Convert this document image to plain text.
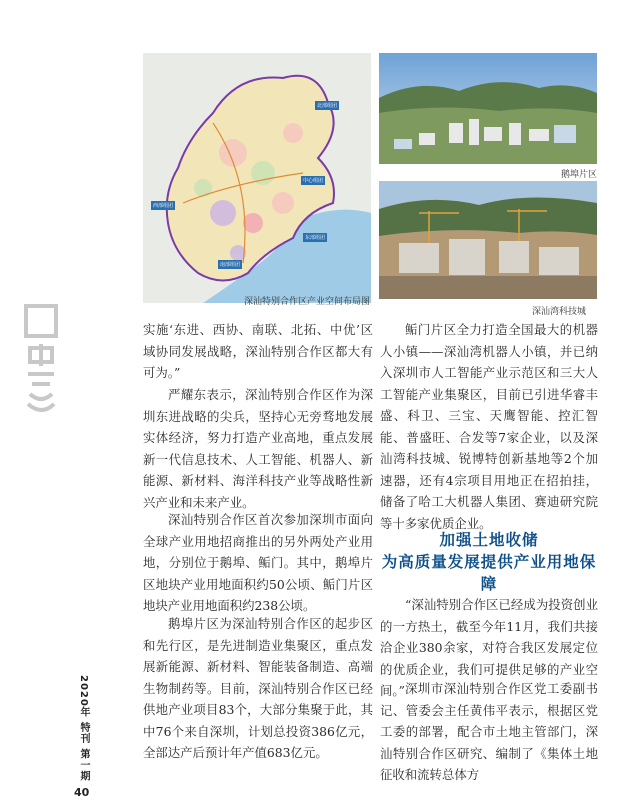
北部组团
中心组团
西部组团
东部组团
南部组团
深汕特别合作区产业空间布局图
鹅埠片区
深汕湾科技城
实施‘东进、西协、南联、北拓、中优’区域协同发展战略，深汕特别合作区都大有可为。”
严耀东表示，深汕特别合作区作为深圳东进战略的尖兵，坚持心无旁骛地发展实体经济，努力打造产业高地，重点发展新一代信息技术、人工智能、机器人、新能源、新材料、海洋科技产业等战略性新兴产业和未来产业。
深汕特别合作区首次参加深圳市面向全球产业用地招商推出的另外两处产业用地，分别位于鹅埠、鲘门。其中，鹅埠片区地块产业用地面积约50公顷、鲘门片区地块产业用地面积约238公顷。
鹅埠片区为深汕特别合作区的起步区和先行区，是先进制造业集聚区，重点发展新能源、新材料、智能装备制造、高端生物制药等。目前，深汕特别合作区已经供地产业项目83个，大部分集聚于此，其中76个来自深圳，计划总投资386亿元，全部达产后预计年产值683亿元。
鲘门片区全力打造全国最大的机器人小镇——深汕湾机器人小镇，并已纳入深圳市人工智能产业示范区和三大人工智能产业集聚区，目前已引进华睿丰盛、科卫、三宝、天鹰智能、控汇智能、普盛旺、合发等7家企业，以及深汕湾科技城、锐博特创新基地等2个加速器，还有4宗项目用地正在招拍挂，储备了哈工大机器人集团、赛迪研究院等十多家优质企业。
加强土地收储
为高质量发展提供产业用地保障
“深汕特别合作区已经成为投资创业的一方热土，截至今年11月，我们共接洽企业380余家，对符合我区发展定位的优质企业，我们可提供足够的产业空间。” 深圳市深汕特别合作区党工委副书记、管委会主任黄伟平表示，根据区党工委的部署，配合市土地主管部门，深汕特别合作区研究、编制了《集体土地征收和流转总体方
2020年 特刊 第一期
40
